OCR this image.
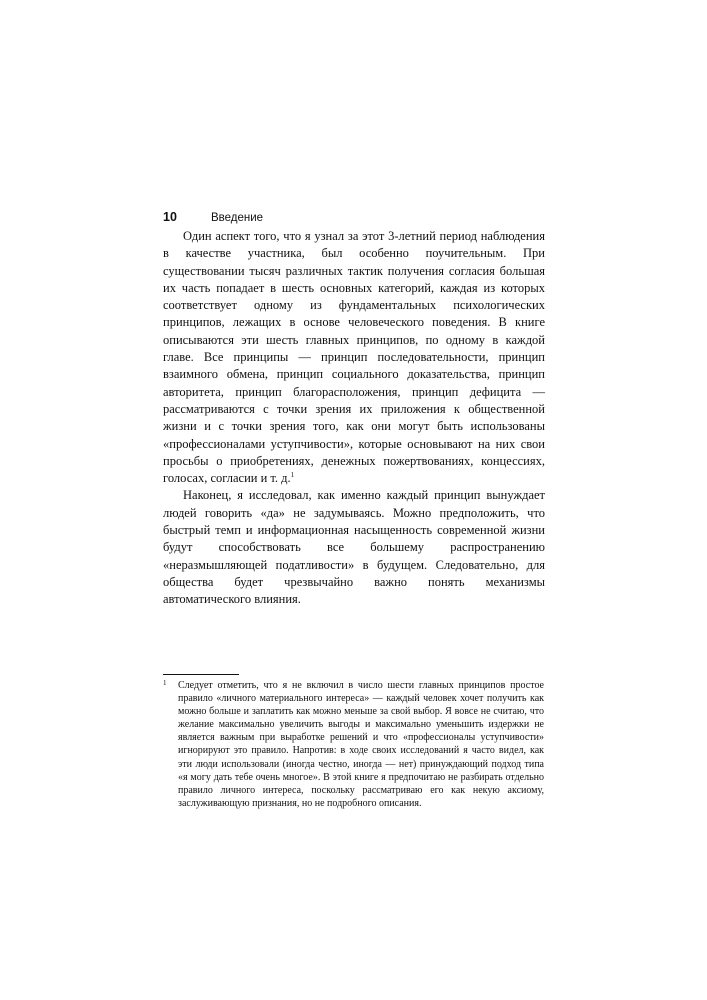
10	Введение

Один аспект того, что я узнал за этот 3-летний период наблюдения в качестве участника, был особенно поучительным. При существовании тысяч различных тактик получения согласия большая их часть попадает в шесть основных категорий, каждая из которых соответствует одному из фундаментальных психологических принципов, лежащих в основе человеческого поведения. В книге описываются эти шесть главных принципов, по одному в каждой главе. Все принципы — принцип последовательности, принцип взаимного обмена, принцип социального доказательства, принцип авторитета, принцип благорасположения, принцип дефицита — рассматриваются с точки зрения их приложения к общественной жизни и с точки зрения того, как они могут быть использованы «профессионалами уступчивости», которые основывают на них свои просьбы о приобретениях, денежных пожертвованиях, концессиях, голосах, согласии и т. д.$^1$

Наконец, я исследовал, как именно каждый принцип вынуждает людей говорить «да» не задумываясь. Можно предположить, что быстрый темп и информационная насыщенность современной жизни будут способствовать все большему распространению «неразмышляющей податливости» в будущем. Следовательно, для общества будет чрезвычайно важно понять механизмы автоматического влияния.

1 Следует отметить, что я не включил в число шести главных принципов простое правило «личного материального интереса» — каждый человек хочет получить как можно больше и заплатить как можно меньше за свой выбор. Я вовсе не считаю, что желание максимально увеличить выгоды и максимально уменьшить издержки не является важным при выработке решений и что «профессионалы уступчивости» игнорируют это правило. Напротив: в ходе своих исследований я часто видел, как эти люди использовали (иногда честно, иногда — нет) принуждающий подход типа «я могу дать тебе очень многое». В этой книге я предпочитаю не разбирать отдельно правило личного интереса, поскольку рассматриваю его как некую аксиому, заслуживающую признания, но не подробного описания.
